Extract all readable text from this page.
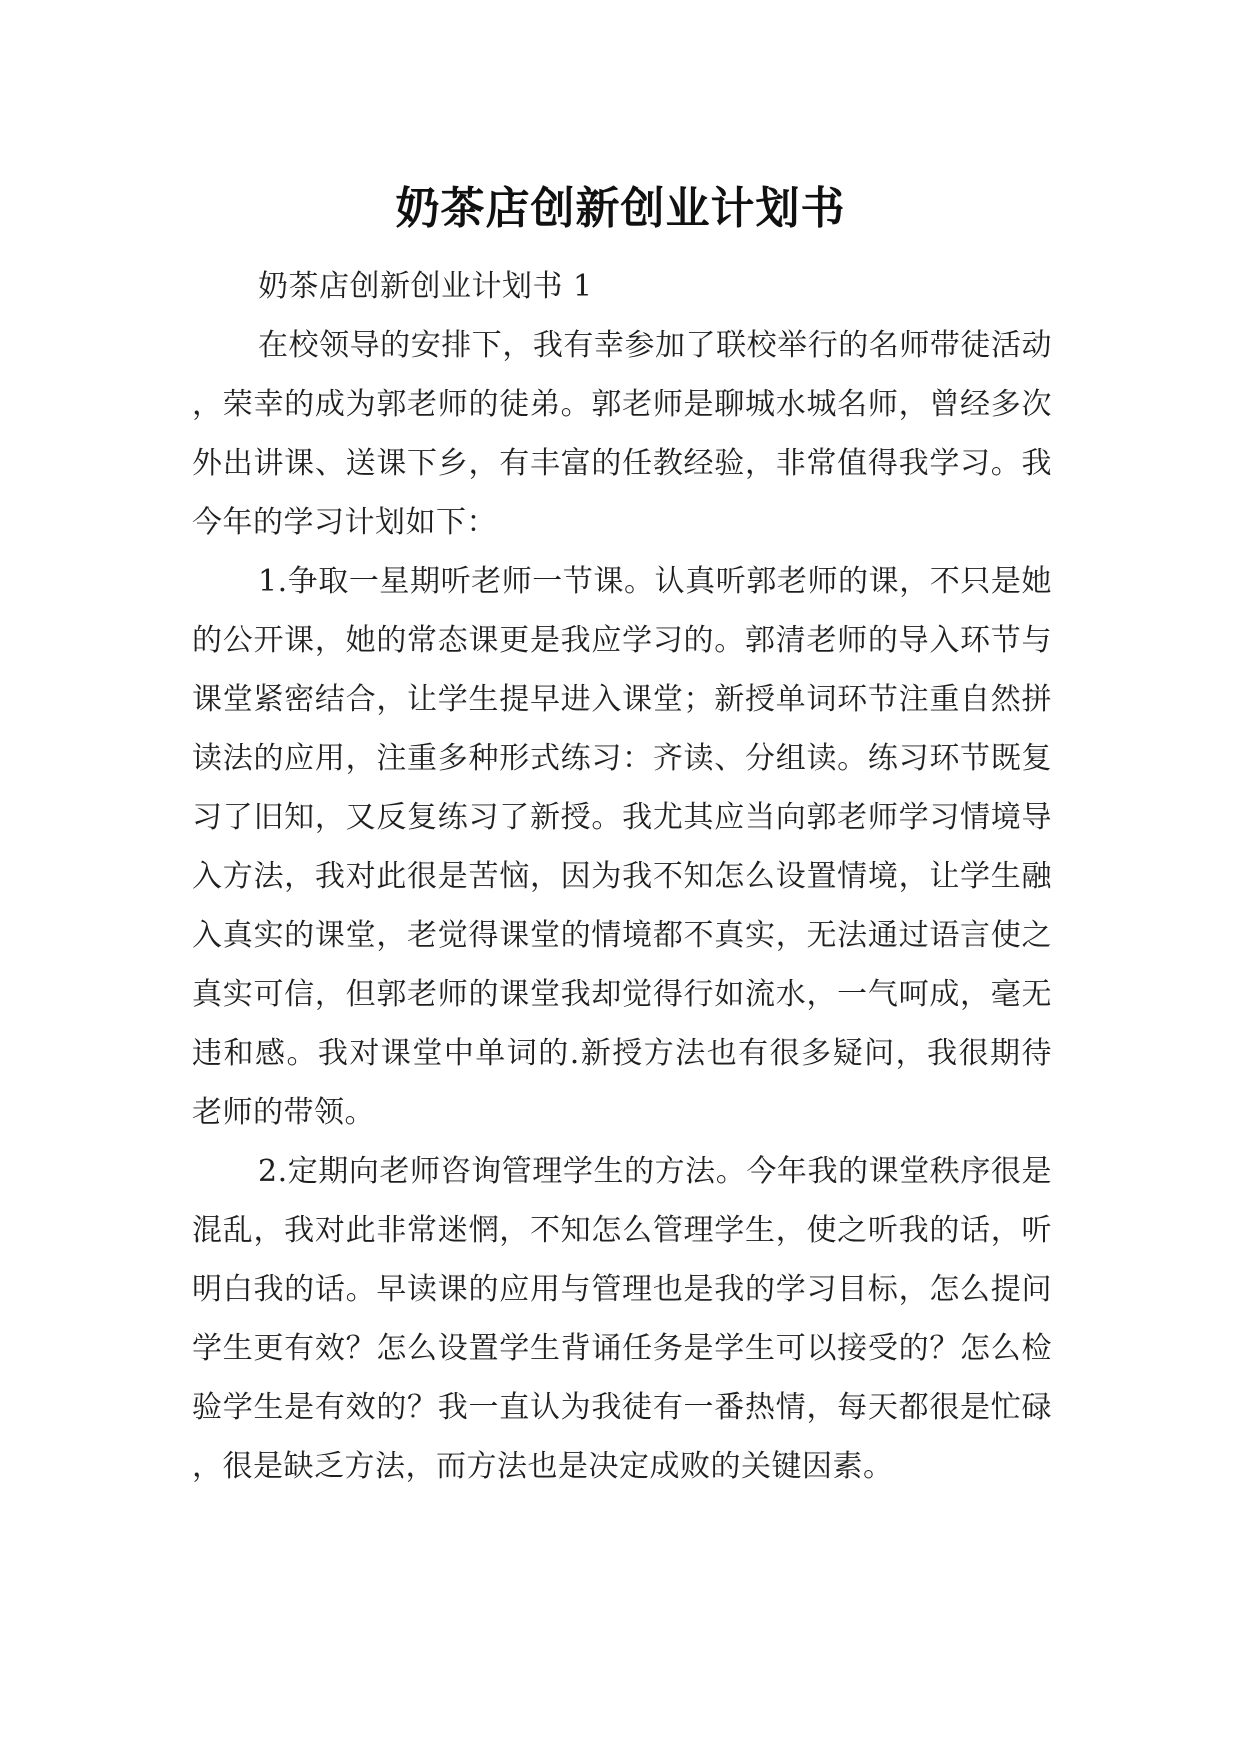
奶茶店创新创业计划书

奶茶店创新创业计划书 1

在校领导的安排下，我有幸参加了联校举行的名师带徒活动，荣幸的成为郭老师的徒弟。郭老师是聊城水城名师，曾经多次外出讲课、送课下乡，有丰富的任教经验，非常值得我学习。我今年的学习计划如下：

1.争取一星期听老师一节课。认真听郭老师的课，不只是她的公开课，她的常态课更是我应学习的。郭清老师的导入环节与课堂紧密结合，让学生提早进入课堂；新授单词环节注重自然拼读法的应用，注重多种形式练习：齐读、分组读。练习环节既复习了旧知，又反复练习了新授。我尤其应当向郭老师学习情境导入方法，我对此很是苦恼，因为我不知怎么设置情境，让学生融入真实的课堂，老觉得课堂的情境都不真实，无法通过语言使之真实可信，但郭老师的课堂我却觉得行如流水，一气呵成，毫无违和感。我对课堂中单词的.新授方法也有很多疑问，我很期待老师的带领。

2.定期向老师咨询管理学生的方法。今年我的课堂秩序很是混乱，我对此非常迷惘，不知怎么管理学生，使之听我的话，听明白我的话。早读课的应用与管理也是我的学习目标，怎么提问学生更有效？怎么设置学生背诵任务是学生可以接受的？怎么检验学生是有效的？我一直认为我徒有一番热情，每天都很是忙碌，很是缺乏方法，而方法也是决定成败的关键因素。
